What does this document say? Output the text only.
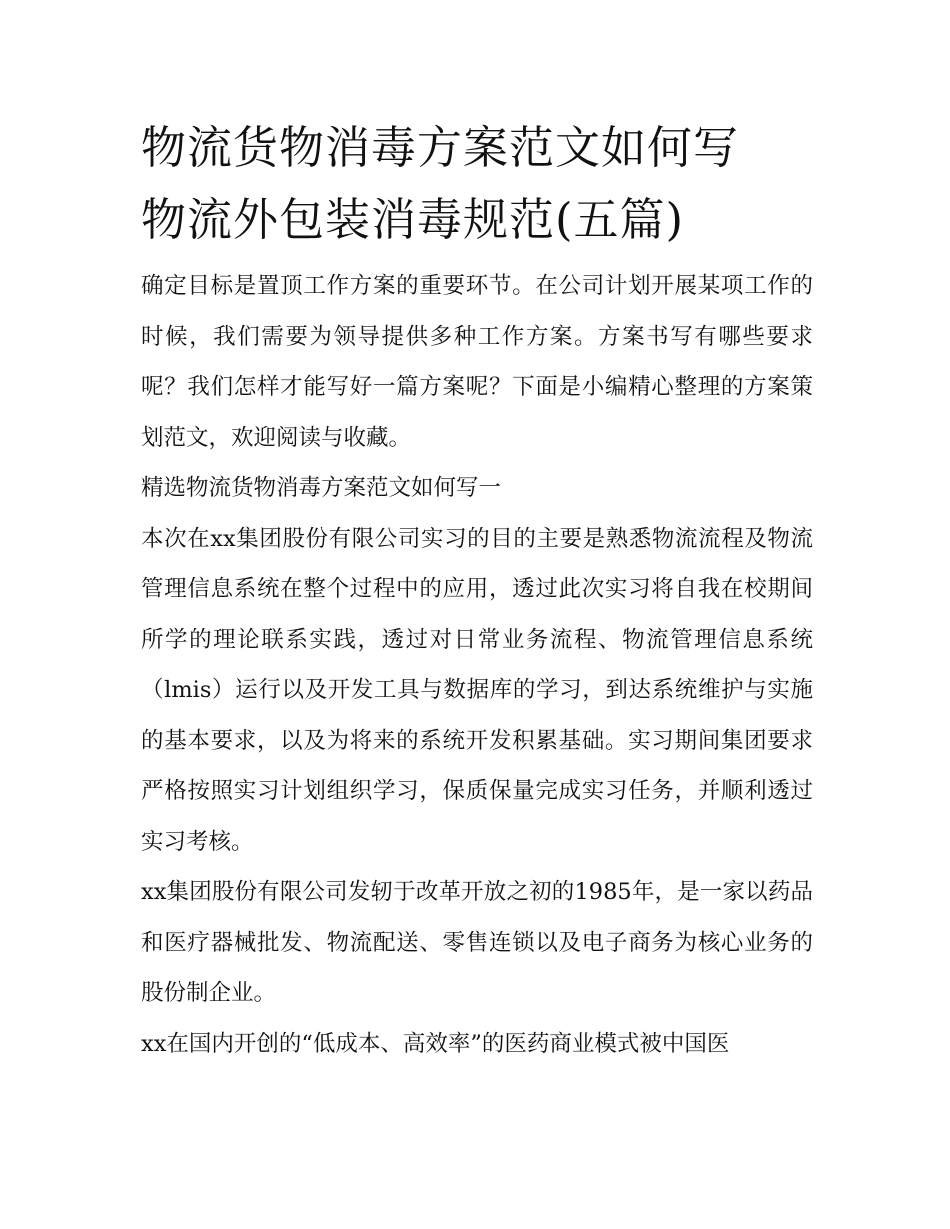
物流货物消毒方案范文如何写
物流外包装消毒规范(五篇)

确定目标是置顶工作方案的重要环节。在公司计划开展某项工作的时候，我们需要为领导提供多种工作方案。方案书写有哪些要求呢？我们怎样才能写好一篇方案呢？下面是小编精心整理的方案策划范文，欢迎阅读与收藏。

精选物流货物消毒方案范文如何写一

本次在xx集团股份有限公司实习的目的主要是熟悉物流流程及物流管理信息系统在整个过程中的应用，透过此次实习将自我在校期间所学的理论联系实践，透过对日常业务流程、物流管理信息系统（lmis）运行以及开发工具与数据库的学习，到达系统维护与实施的基本要求，以及为将来的系统开发积累基础。实习期间集团要求严格按照实习计划组织学习，保质保量完成实习任务，并顺利透过实习考核。

xx集团股份有限公司发轫于改革开放之初的1985年，是一家以药品和医疗器械批发、物流配送、零售连锁以及电子商务为核心业务的股份制企业。

xx在国内开创的“低成本、高效率”的医药商业模式被中国医
